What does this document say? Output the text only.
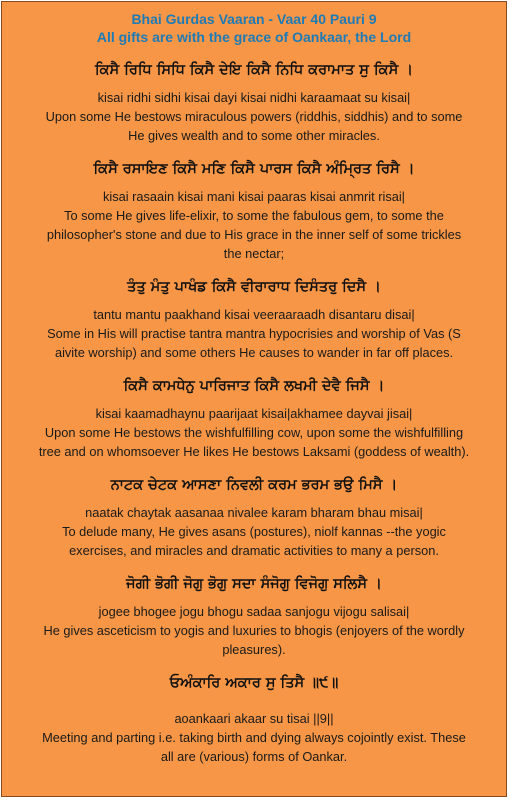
Bhai Gurdas Vaaran - Vaar 40 Pauri 9
All gifts are with the grace of Oankaar, the Lord
ਕਿਸੈ ਰਿਧਿ ਸਿਧਿ ਕਿਸੈ ਦੇਇ ਕਿਸੈ ਨਿਧਿ ਕਰਾਮਾਤ ਸੁ ਕਿਸੈ ।
kisai ridhi sidhi kisai dayi kisai nidhi karaamaat su kisai|
Upon some He bestows miraculous powers (riddhis, siddhis) and to some
He gives wealth and to some other miracles.
ਕਿਸੈ ਰਸਾਇਣ ਕਿਸੈ ਮਣਿ ਕਿਸੈ ਪਾਰਸ ਕਿਸੈ ਅੰਮ੍ਰਿਤ ਰਿਸੈ ।
kisai rasaain kisai mani kisai paaras kisai anmrit risai|
To some He gives life-elixir, to some the fabulous gem, to some the
philosopher's stone and due to His grace in the inner self of some trickles
the nectar;
ਤੰਤੁ ਮੰਤੁ ਪਾਖੰਡ ਕਿਸੈ ਵੀਰਾਰਾਧ ਦਿਸੰਤਰੁ ਦਿਸੈ ।
tantu mantu paakhand kisai veeraaraadh disantaru disai|
Some in His will practise tantra mantra hypocrisies and worship of Vas (S
aivite worship) and some others He causes to wander in far off places.
ਕਿਸੈ ਕਾਮਧੇਨੁ ਪਾਰਿਜਾਤ ਕਿਸੈ ਲਖਮੀ ਦੇਵੈ ਜਿਸੈ ।
kisai kaamadhaynu paarijaat kisai|akhamee dayvai jisai|
Upon some He bestows the wishfulfilling cow, upon some the wishfulfilling
tree and on whomsoever He likes He bestows Laksami (goddess of wealth).
ਨਾਟਕ ਚੇਟਕ ਆਸਣਾ ਨਿਵਲੀ ਕਰਮ ਭਰਮ ਭਉ ਮਿਸੈ ।
naatak chaytak aasanaa nivalee karam bharam bhau misai|
To delude many, He gives asans (postures), niolf kannas --the yogic
exercises, and miracles and dramatic activities to many a person.
ਜੋਗੀ ਭੋਗੀ ਜੋਗੁ ਭੋਗੁ ਸਦਾ ਸੰਜੋਗੁ ਵਿਜੋਗੁ ਸਲਿਸੈ ।
jogee bhogee jogu bhogu sadaa sanjogu vijogu salisai|
He gives asceticism to yogis and luxuries to bhogis (enjoyers of the wordly
pleasures).
ਓਅੰਕਾਰਿ ਅਕਾਰ ਸੁ ਤਿਸੈ ॥੯॥
aoankaari akaar su tisai ||9||
Meeting and parting i.e. taking birth and dying always cojointly exist. These
all are (various) forms of Oankar.
